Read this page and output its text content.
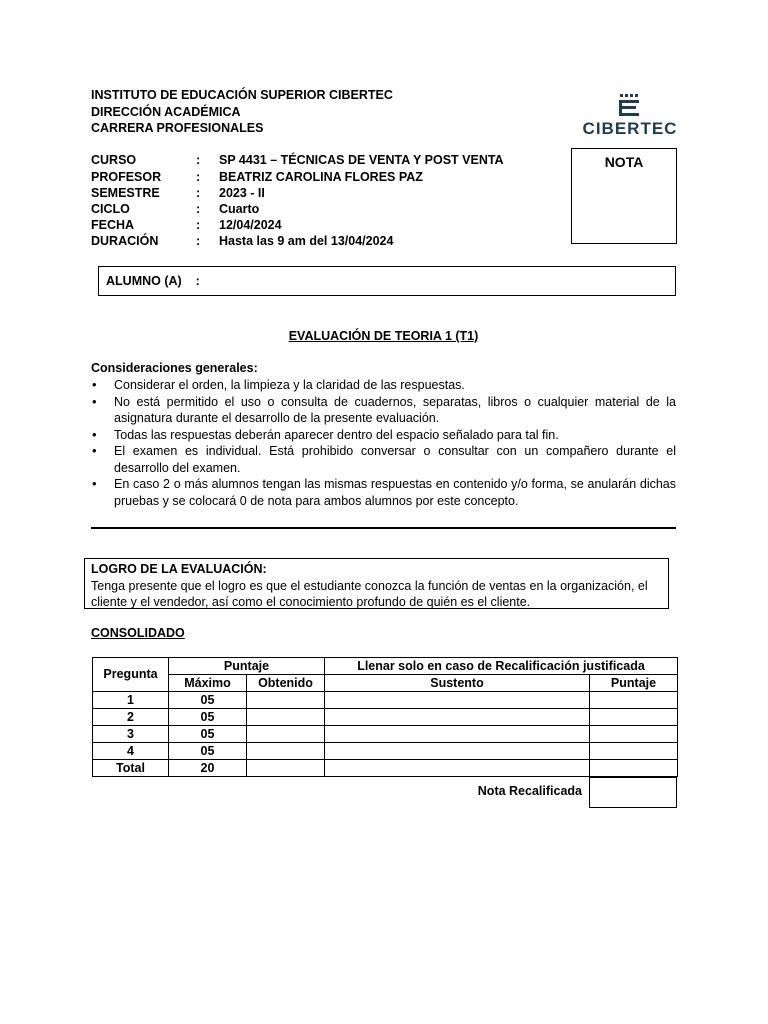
INSTITUTO DE EDUCACIÓN SUPERIOR CIBERTEC
DIRECCIÓN ACADÉMICA
CARRERA PROFESIONALES	CIBERTEC
CURSO	: SP 4431 – TÉCNICAS DE VENTA Y POST VENTA
PROFESOR	: BEATRIZ CAROLINA FLORES PAZ
SEMESTRE	: 2023 - II
CICLO	: Cuarto
FECHA	: 12/04/2024
DURACIÓN	: Hasta las 9 am del 13/04/2024
NOTA
ALUMNO (A)    :
EVALUACIÓN DE TEORIA 1 (T1)
Consideraciones generales:
• Considerar el orden, la limpieza y la claridad de las respuestas.
• No está permitido el uso o consulta de cuadernos, separatas, libros o cualquier material de la asignatura durante el desarrollo de la presente evaluación.
• Todas las respuestas deberán aparecer dentro del espacio señalado para tal fin.
• El examen es individual. Está prohibido conversar o consultar con un compañero durante el desarrollo del examen.
• En caso 2 o más alumnos tengan las mismas respuestas en contenido y/o forma, se anularán dichas pruebas y se colocará 0 de nota para ambos alumnos por este concepto.
LOGRO DE LA EVALUACIÓN:
Tenga presente que el logro es que el estudiante conozca la función de ventas en la organización, el cliente y el vendedor, así como el conocimiento profundo de quién es el cliente.
CONSOLIDADO
Pregunta	Puntaje		Llenar solo en caso de Recalificación justificada	
	Máximo	Obtenido	Sustento	Puntaje
1	05			
2	05			
3	05			
4	05			
Total	20			
Nota Recalificada
